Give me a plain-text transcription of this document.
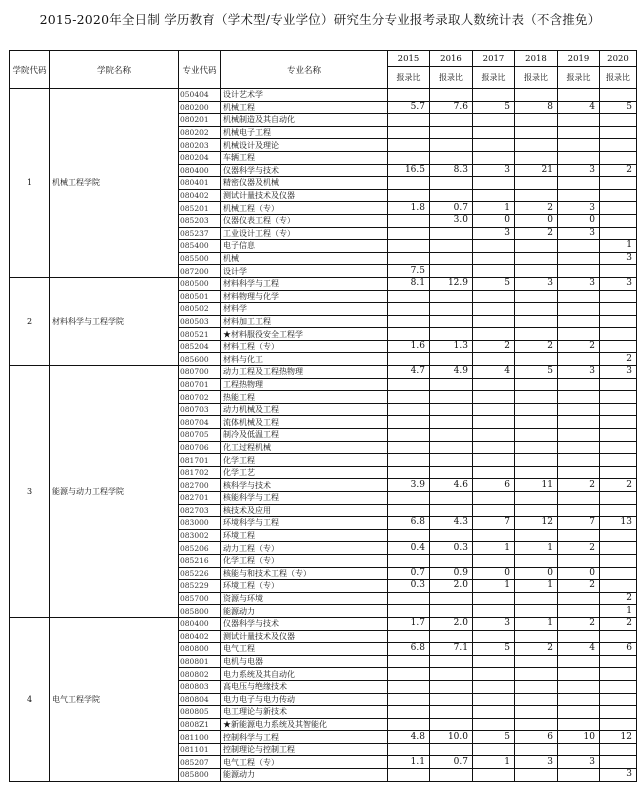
2015-2020年全日制 学历教育（学术型/专业学位）研究生分专业报考录取人数统计表（不含推免）
学院代码	学院名称	专业代码	专业名称	2015	2016	2017	2018	2019	2020
				报录比	报录比	报录比	报录比	报录比	报录比
1	机械工程学院	050404	设计艺术学						
		080200	机械工程	5.7	7.6	5	8	4	5
		080201	机械制造及其自动化						
		080202	机械电子工程						
		080203	机械设计及理论						
		080204	车辆工程						
		080400	仪器科学与技术	16.5	8.3	3	21	3	2
		080401	精密仪器及机械						
		080402	测试计量技术及仪器						
		085201	机械工程（专）	1.8	0.7	1	2	3	
		085203	仪器仪表工程（专）		3.0	0	0	0	
		085237	工业设计工程（专）			3	2	3	
		085400	电子信息						1
		085500	机械						3
		087200	设计学	7.5					
2	材料科学与工程学院	080500	材料科学与工程	8.1	12.9	5	3	3	3
		080501	材料物理与化学						
		080502	材料学						
		080503	材料加工工程						
		080521	★材料服役安全工程学						
		085204	材料工程（专）	1.6	1.3	2	2	2	
		085600	材料与化工						2
3	能源与动力工程学院	080700	动力工程及工程热物理	4.7	4.9	4	5	3	3
		080701	工程热物理						
		080702	热能工程						
		080703	动力机械及工程						
		080704	流体机械及工程						
		080705	制冷及低温工程						
		080706	化工过程机械						
		081701	化学工程						
		081702	化学工艺						
		082700	核科学与技术	3.9	4.6	6	11	2	2
		082701	核能科学与工程						
		082703	核技术及应用						
		083000	环境科学与工程	6.8	4.3	7	12	7	13
		083002	环境工程						
		085206	动力工程（专）	0.4	0.3	1	1	2	
		085216	化学工程（专）						
		085226	核能与和技术工程（专）	0.7	0.9	0	0	0	
		085229	环境工程（专）	0.3	2.0	1	1	2	
		085700	资源与环境						2
		085800	能源动力						1
4	电气工程学院	080400	仪器科学与技术	1.7	2.0	3	1	2	2
		080402	测试计量技术及仪器						
		080800	电气工程	6.8	7.1	5	2	4	6
		080801	电机与电器						
		080802	电力系统及其自动化						
		080803	高电压与绝缘技术						
		080804	电力电子与电力传动						
		080805	电工理论与新技术						
		0808Z1	★新能源电力系统及其智能化						
		081100	控制科学与工程	4.8	10.0	5	6	10	12
		081101	控制理论与控制工程						
		085207	电气工程（专）	1.1	0.7	1	3	3	
		085800	能源动力						3
